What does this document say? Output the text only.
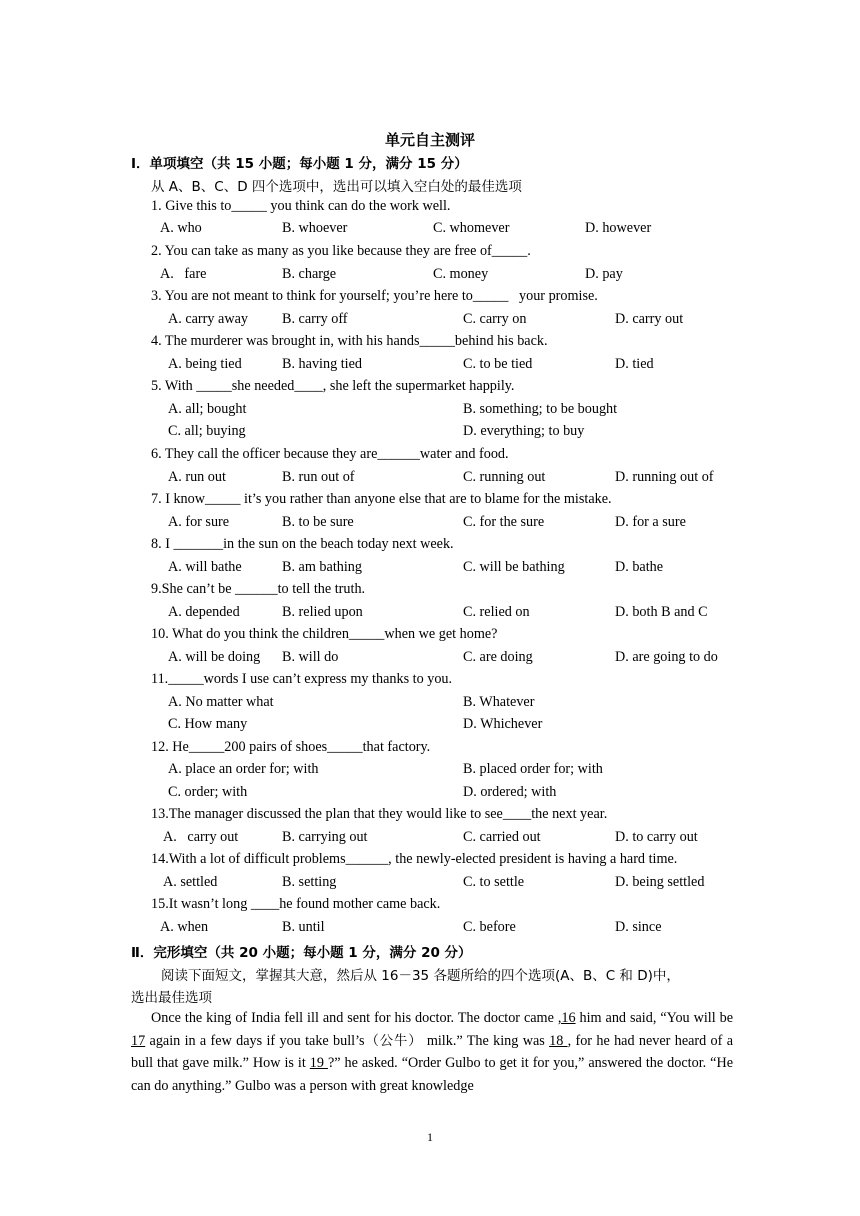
单元自主测评
Ⅰ．单项填空（共 15 小题；每小题 1 分，满分 15 分）
从 A、B、C、D 四个选项中，选出可以填入空白处的最佳选项
1. Give this to_____ you think can do the work well.
A. who	B. whoever	C. whomever	D. however
2. You can take as many as you like because they are free of_____.
A.   fare	B. charge	C. money	D. pay
3. You are not meant to think for yourself; you’re here to_____   your promise.
A. carry away B. carry off	C. carry on	D. carry out
4. The murderer was brought in, with his hands_____behind his back.
A. being tied	B. having tied	C. to be tied	D. tied
5. With _____she needed____, she left the supermarket happily.
A. all; bought	B. something; to be bought
C. all; buying	D. everything; to buy
6. They call the officer because they are______water and food.
A. run out	B. run out of	C. running out	D. running out of
7. I know_____ it’s you rather than anyone else that are to blame for the mistake.
A. for sure	B. to be sure	C. for the sure	D. for a sure
8. I _______in the sun on the beach today next week.
A. will bathe	B. am bathing	C. will be bathing	D. bathe
9.She can’t be ______to tell the truth.
A. depended	B. relied upon	C. relied on	D. both B and C
10. What do you think the children_____when we get home?
A. will be doing B. will do	C. are doing	D. are going to do
11._____words I use can’t express my thanks to you.
A. No matter what	B. Whatever
C. How many	D. Whichever
12. He_____200 pairs of shoes_____that factory.
A. place an order for; with	B. placed order for; with
C. order; with	D. ordered; with
13.The manager discussed the plan that they would like to see____the next year.
A.   carry out	B. carrying out	C. carried out	D. to carry out
14.With a lot of difficult problems______, the newly-elected president is having a hard time.
A. settled	B. setting	C. to settle	D. being settled
15.It wasn’t long ____he found mother came back.
A. when	B. until	C. before	D. since
Ⅱ．完形填空（共 20 小题；每小题 1 分，满分 20 分）
阅读下面短文，掌握其大意，然后从 16－35 各题所给的四个选项(A、B、C 和 D)中，
选出最佳选项
Once the king of India fell ill and sent for his doctor. The doctor came ,16 him and said, “You will be 17 again in a few days if you take bull’s（公牛） milk.” The king was 18 , for he had never heard of a bull that gave milk.” How is it 19 ?” he asked. “Order Gulbo to get it for you,” answered the doctor. “He can do anything.” Gulbo was a person with great knowledge
1
